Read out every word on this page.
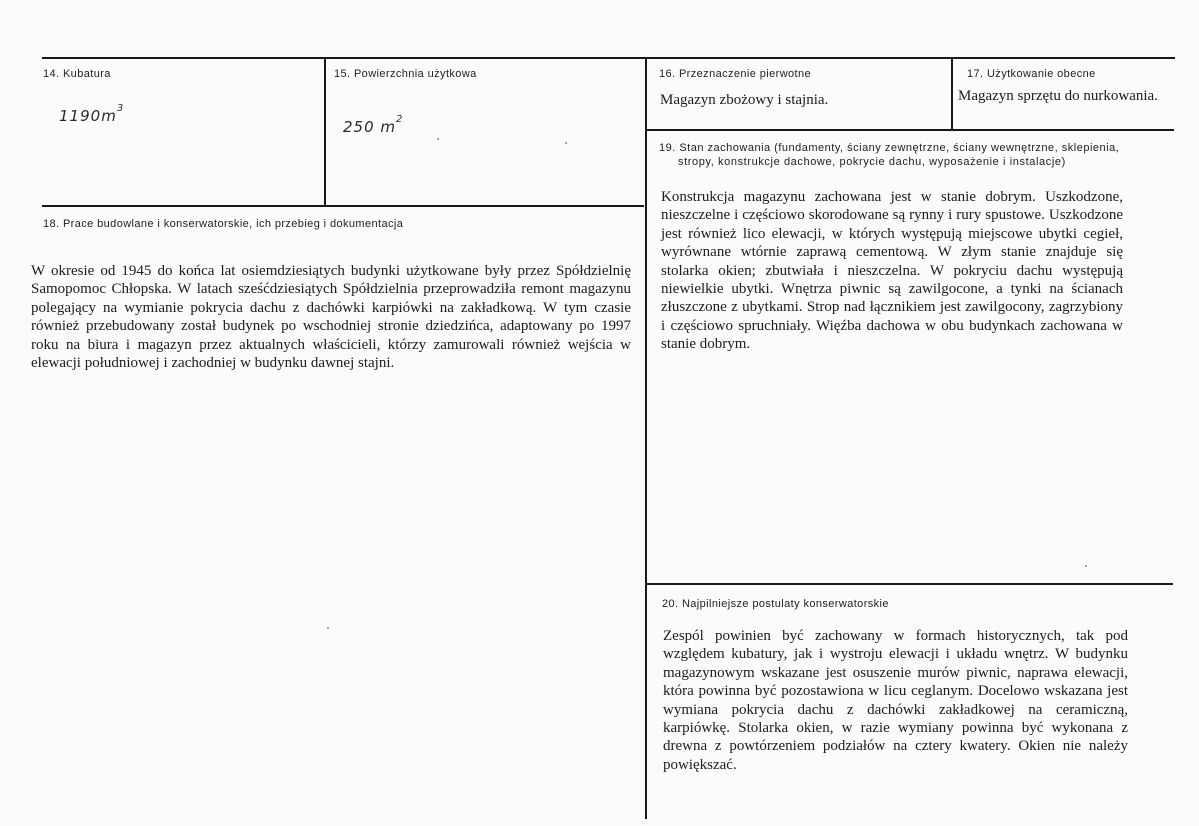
14. Kubatura
$1190m^3$
15. Powierzchnia użytkowa
250 $m^2$
16. Przeznaczenie pierwotne
Magazyn zbożowy i stajnia.
17. Użytkowanie obecne
Magazyn sprzętu do nurkowania.
19. Stan zachowania (fundamenty, ściany zewnętrzne, ściany wewnętrzne, sklepienia,
stropy, konstrukcje dachowe, pokrycie dachu, wyposażenie i instalacje)

Konstrukcja magazynu zachowana jest w stanie dobrym. Uszkodzone, nieszczelne i częściowo skorodowane są rynny i rury spustowe. Uszkodzone jest również lico elewacji, w których występują miejscowe ubytki cegieł, wyrównane wtórnie zaprawą cementową. W złym stanie znajduje się stolarka okien; zbutwiała i nieszczelna. W pokryciu dachu występują niewielkie ubytki. Wnętrza piwnic są zawilgocone, a tynki na ścianach złuszczone z ubytkami. Strop nad łącznikiem jest zawilgocony, zagrzybiony i częściowo spruchniały. Więźba dachowa w obu budynkach zachowana w stanie dobrym.

18. Prace budowlane i konserwatorskie, ich przebieg i dokumentacja

W okresie od 1945 do końca lat osiemdziesiątych budynki użytkowane były przez Spółdzielnię Samopomoc Chłopska. W latach sześćdziesiątych Spółdzielnia przeprowadziła remont magazynu polegający na wymianie pokrycia dachu z dachówki karpiówki na zakładkową. W tym czasie również przebudowany został budynek po wschodniej stronie dziedzińca, adaptowany po 1997 roku na biura i magazyn przez aktualnych właścicieli, którzy zamurowali również wejścia w elewacji południowej i zachodniej w budynku dawnej stajni.

20. Najpilniejsze postulaty konserwatorskie

Zespól powinien być zachowany w formach historycznych, tak pod względem kubatury, jak i wystroju elewacji i układu wnętrz. W budynku magazynowym wskazane jest osuszenie murów piwnic, naprawa elewacji, która powinna być pozostawiona w licu ceglanym. Docelowo wskazana jest wymiana pokrycia dachu z dachówki zakładkowej na ceramiczną, karpiówkę. Stolarka okien, w razie wymiany powinna być wykonana z drewna z powtórzeniem podziałów na cztery kwatery. Okien nie należy powiększać.
